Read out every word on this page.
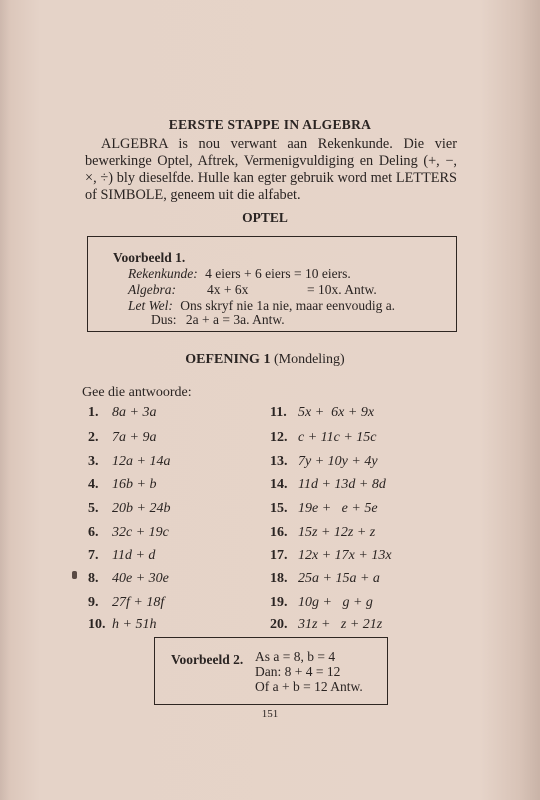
EERSTE STAPPE IN ALGEBRA

ALGEBRA is nou verwant aan Rekenkunde. Die vier bewerkinge Optel, Aftrek, Vermenigvuldiging en Deling (+, −, ×, ÷) bly dieselfde. Hulle kan egter gebruik word met LETTERS of SIMBOLE, geneem uit die alfabet.

OPTEL
Voorbeeld 1.
Rekenkunde: 4 eiers + 6 eiers = 10 eiers.
Algebra: 4x + 6x	= 10x. Antw.
Let Wel: Ons skryf nie 1a nie, maar eenvoudig a.
Dus: 2a + a = 3a. Antw.
OEFENING 1 (Mondeling)
Gee die antwoorde:
1. 8a + 3a
2. 7a + 9a
3. 12a + 14a
4. 16b + b
5. 20b + 24b
6. 32c + 19c
7. 11d + d
8. 40e + 30e
9. 27f + 18f
10. h + 51h
11. 5x +  6x + 9x
12. c + 11c + 15c
13. 7y + 10y + 4y
14. 11d + 13d + 8d
15. 19e +   e + 5e
16. 15z + 12z + z
17. 12x + 17x + 13x
18. 25a + 15a + a
19. 10g +   g + g
20. 31z +   z + 21z
Voorbeeld 2. As a = 8, b = 4
Dan: 8 + 4 = 12
Of a + b = 12 Antw.
151
